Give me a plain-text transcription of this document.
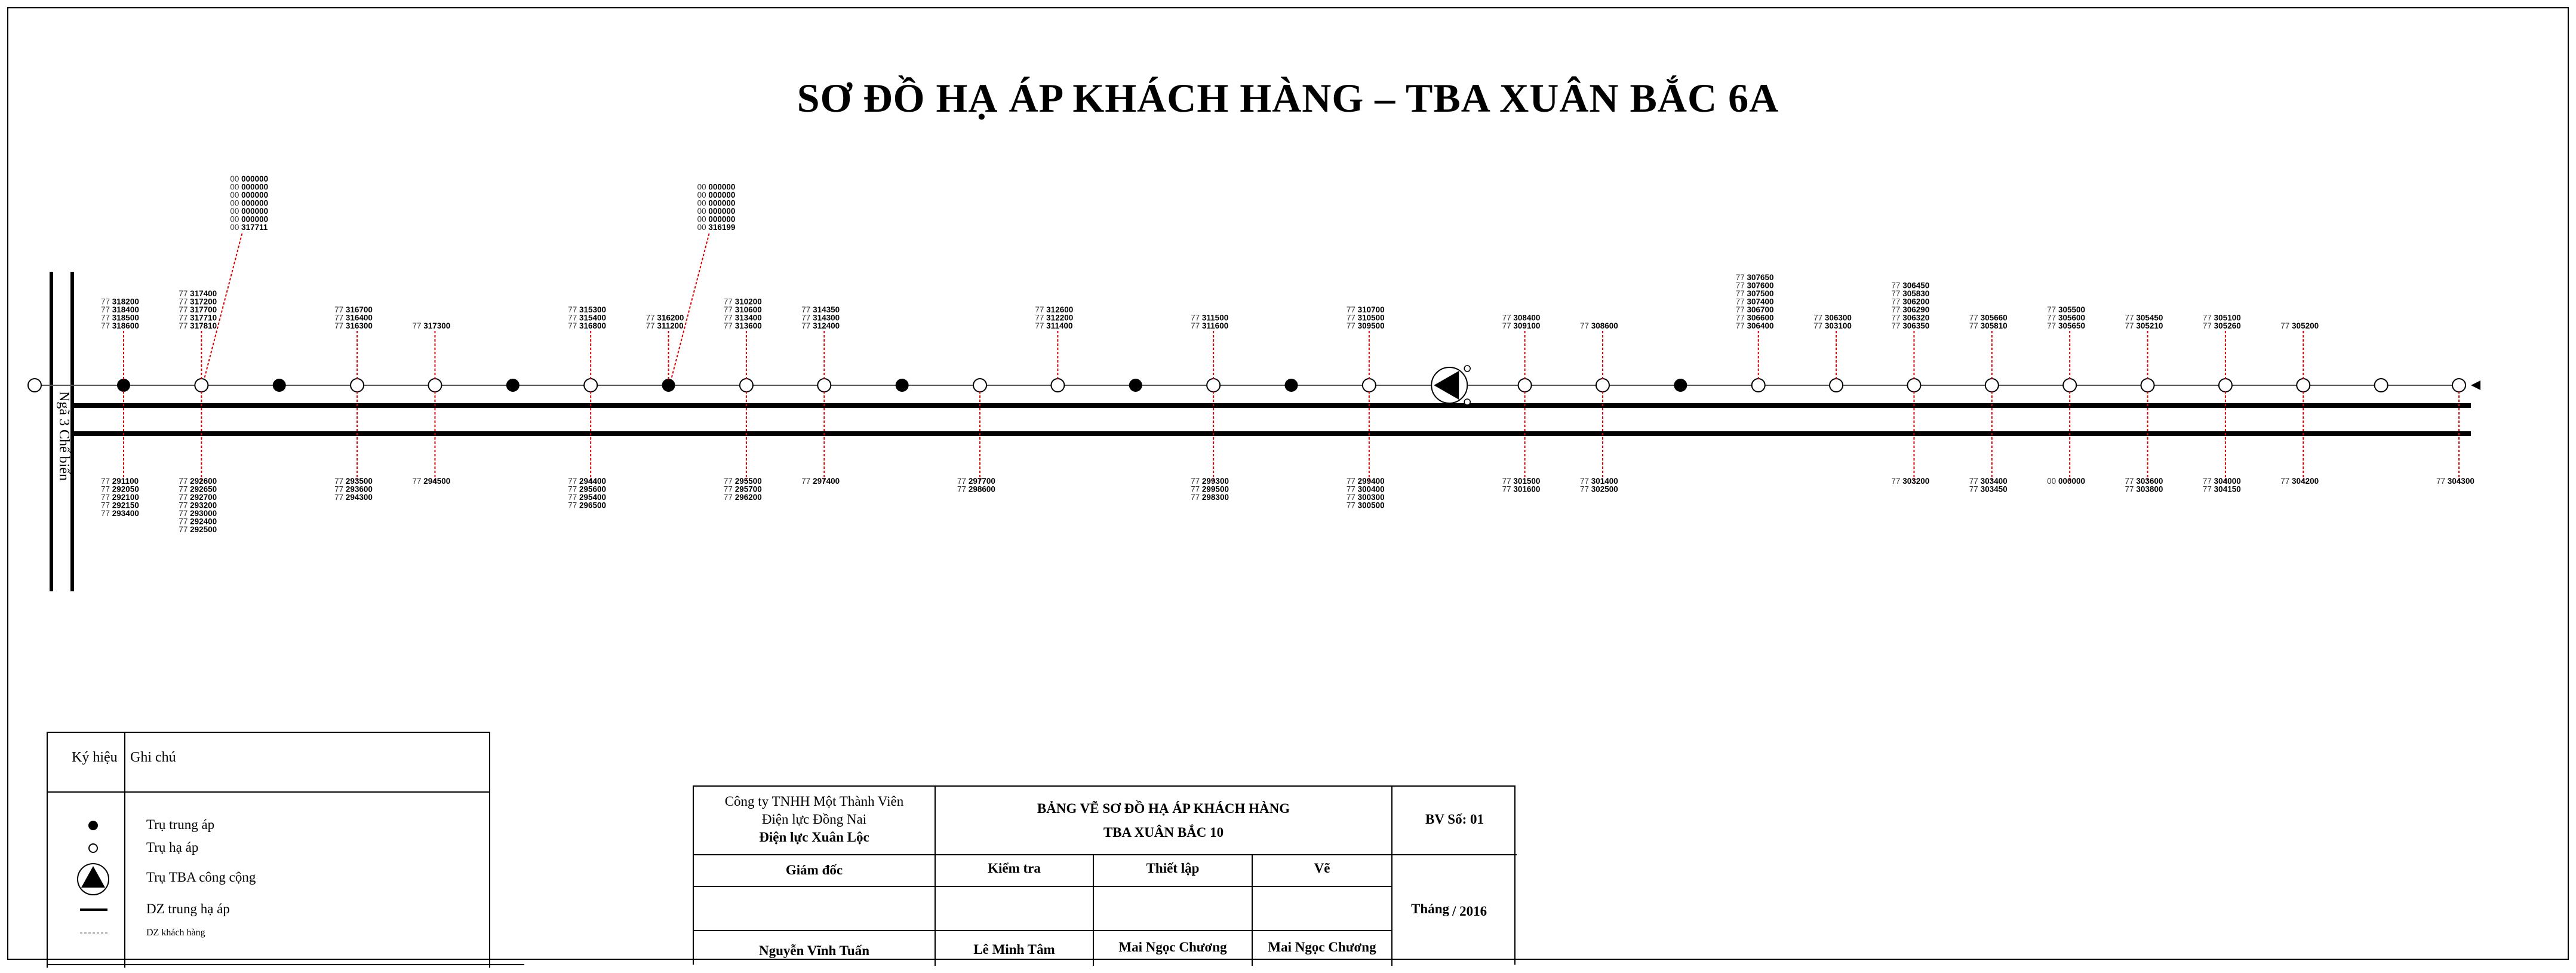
SƠ ĐỒ HẠ ÁP KHÁCH HÀNG – TBA XUÂN BẮC 6A
Ngã 3 Chế biến
77 318200
77 318400
77 318500
77 318600
77 317400
77 317200
77 317700
77 317710
77 317810
00 000000
00 000000
00 000000
00 000000
00 000000
00 000000
00 317711
77 316700
77 316400
77 316300	77 317300
77 315300
77 315400
77 316800
77 316200
77 311200
00 000000
00 000000
00 000000
00 000000
00 000000
00 316199
77 310200
77 310600
77 313400
77 313600
77 314350
77 314300
77 312400
77 312600
77 312200
77 311400
77 311500
77 311600
77 310700
77 310500
77 309500
77 308400
77 309100	77 308600
77 307650
77 307600
77 307500
77 307400
77 306700
77 306600
77 306400
77 306300
77 303100
77 306450
77 305830
77 306200
77 306290
77 306320
77 306350
77 305660
77 305810
77 305500
77 305600
77 305650
77 305450
77 305210
77 305100
77 305260	77 305200
77 291100
77 292050
77 292100
77 292150
77 293400
77 292600
77 292650
77 292700
77 293200
77 293000
77 292400
77 292500
77 293500
77 293600
77 294300
77 294500	77 294400
77 295600
77 295400
77 296500
77 295500
77 295700
77 296200
77 297400	77 297700
77 298600
77 299300
77 299500
77 298300
77 299400
77 300400
77 300300
77 300500
77 301500
77 301600
77 301400
77 302500
77 303200	77 303400
77 303450
00 000000	77 303600
77 303800
77 304000
77 304150
77 304200	77 304300
Ký hiệu Ghi chú
Trụ trung áp
Trụ hạ áp
Trụ TBA công cộng
DZ trung hạ áp
DZ khách hàng
Công ty TNHH Một Thành Viên
Điện lực Đồng Nai
Điện lực Xuân Lộc
BẢNG VẼ SƠ ĐỒ HẠ ÁP KHÁCH HÀNG
TBA XUÂN BẮC 10
BV Số: 01
Giám đốc	Kiểm tra	Thiết lập	Vẽ
Tháng / 2016
Nguyễn Vĩnh Tuấn	Lê Minh Tâm	Mai Ngọc Chương	Mai Ngọc Chương
